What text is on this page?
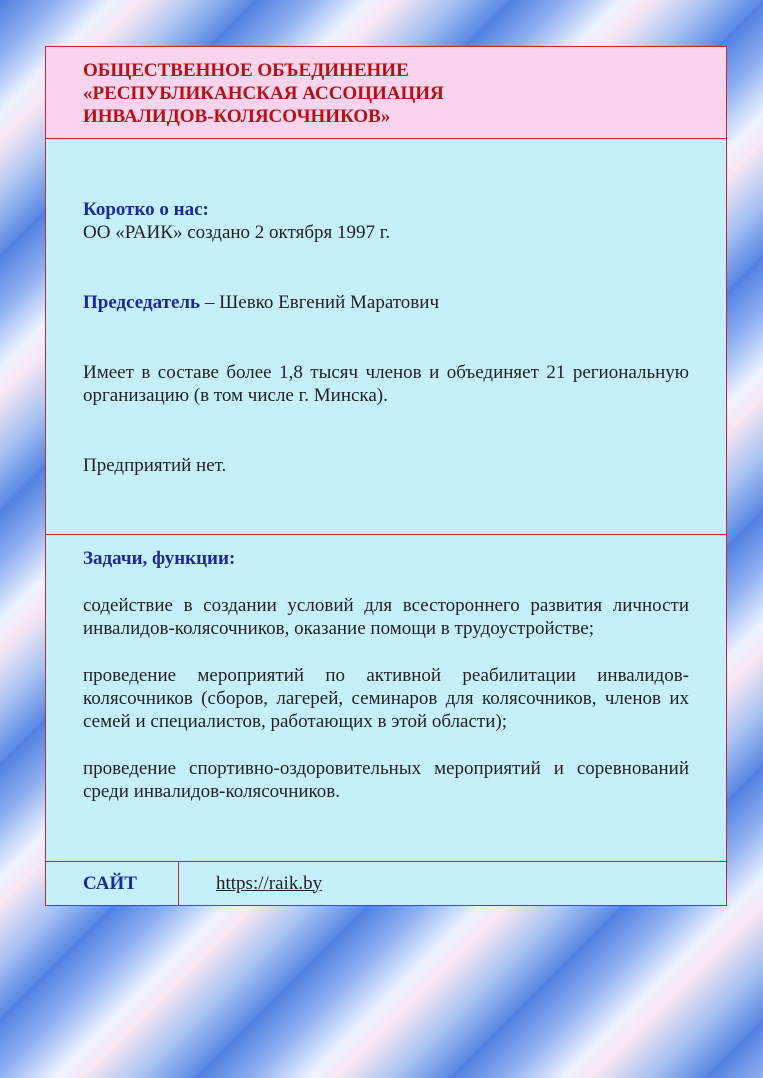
ОБЩЕСТВЕННОЕ ОБЪЕДИНЕНИЕ
«РЕСПУБЛИКАНСКАЯ АССОЦИАЦИЯ
ИНВАЛИДОВ-КОЛЯСОЧНИКОВ»
Коротко о нас:
ОО «РАИК» создано 2 октября 1997 г.
Председатель – Шевко Евгений Маратович

Имеет в составе более 1,8 тысяч членов и объединяет 21 региональную организацию (в том числе г. Минска).

Предприятий нет.
Задачи, функции:

содействие в создании условий для всестороннего развития личности инвалидов-колясочников, оказание помощи в трудоустройстве;

проведение мероприятий по активной реабилитации инвалидов-колясочников (сборов, лагерей, семинаров для колясочников, членов их семей и специалистов, работающих в этой области);

проведение спортивно-оздоровительных мероприятий и соревнований среди инвалидов-колясочников.

САЙТ	https://raik.by
